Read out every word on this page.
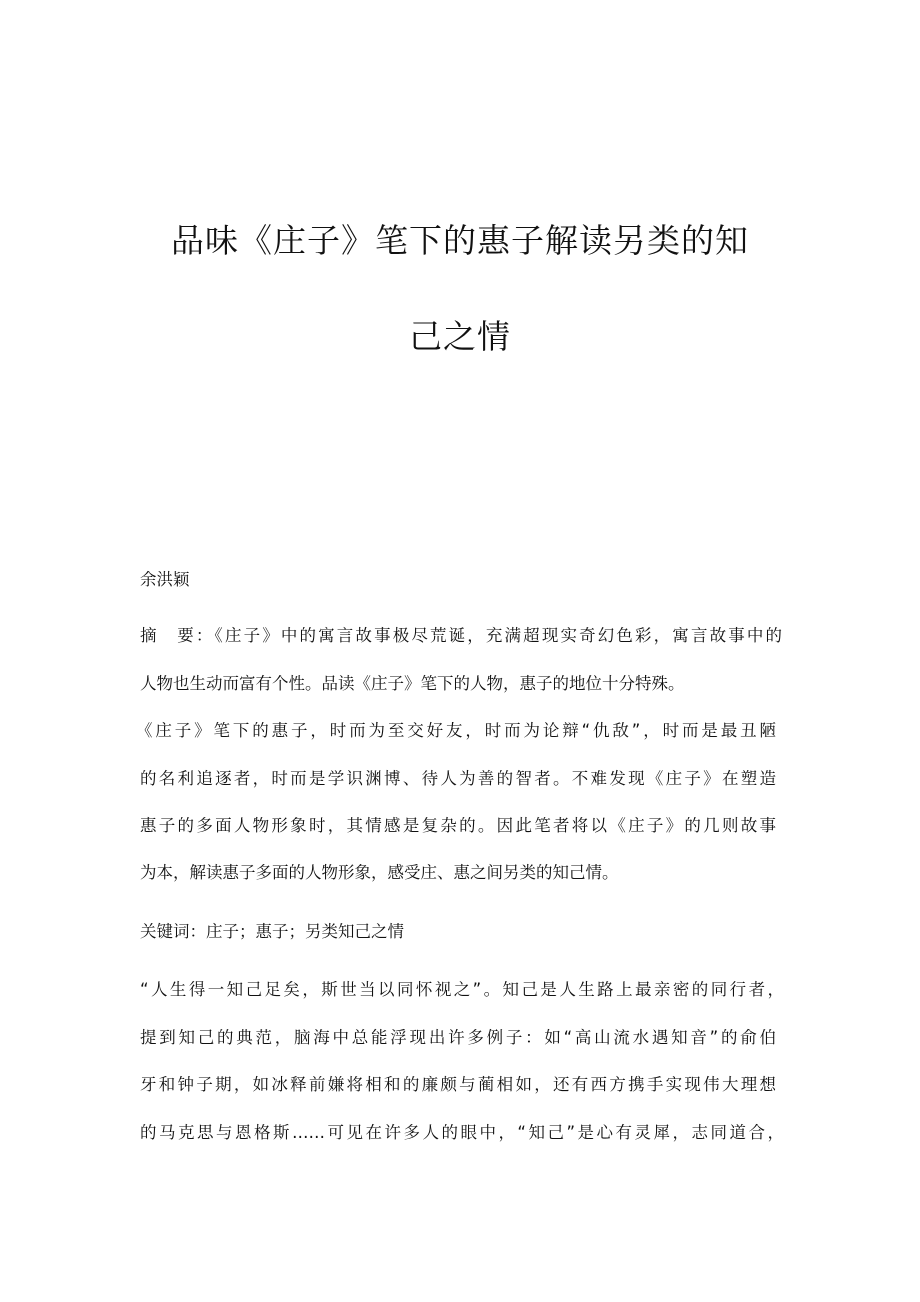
品味《庄子》笔下的惠子解读另类的知
己之情
余洪颖
摘　要：《庄子》中的寓言故事极尽荒诞，充满超现实奇幻色彩，寓言故事中的
人物也生动而富有个性。品读《庄子》笔下的人物，惠子的地位十分特殊。
《庄子》笔下的惠子，时而为至交好友，时而为论辩“仇敌”，时而是最丑陋
的名利追逐者，时而是学识渊博、待人为善的智者。不难发现《庄子》在塑造
惠子的多面人物形象时，其情感是复杂的。因此笔者将以《庄子》的几则故事
为本，解读惠子多面的人物形象，感受庄、惠之间另类的知己情。
关键词：庄子；惠子；另类知己之情
“人生得一知己足矣，斯世当以同怀视之”。知己是人生路上最亲密的同行者，
提到知己的典范，脑海中总能浮现出许多例子：如“高山流水遇知音”的俞伯
牙和钟子期，如冰释前嫌将相和的廉颇与蔺相如，还有西方携手实现伟大理想
的马克思与恩格斯……可见在许多人的眼中，“知己”是心有灵犀，志同道合，
